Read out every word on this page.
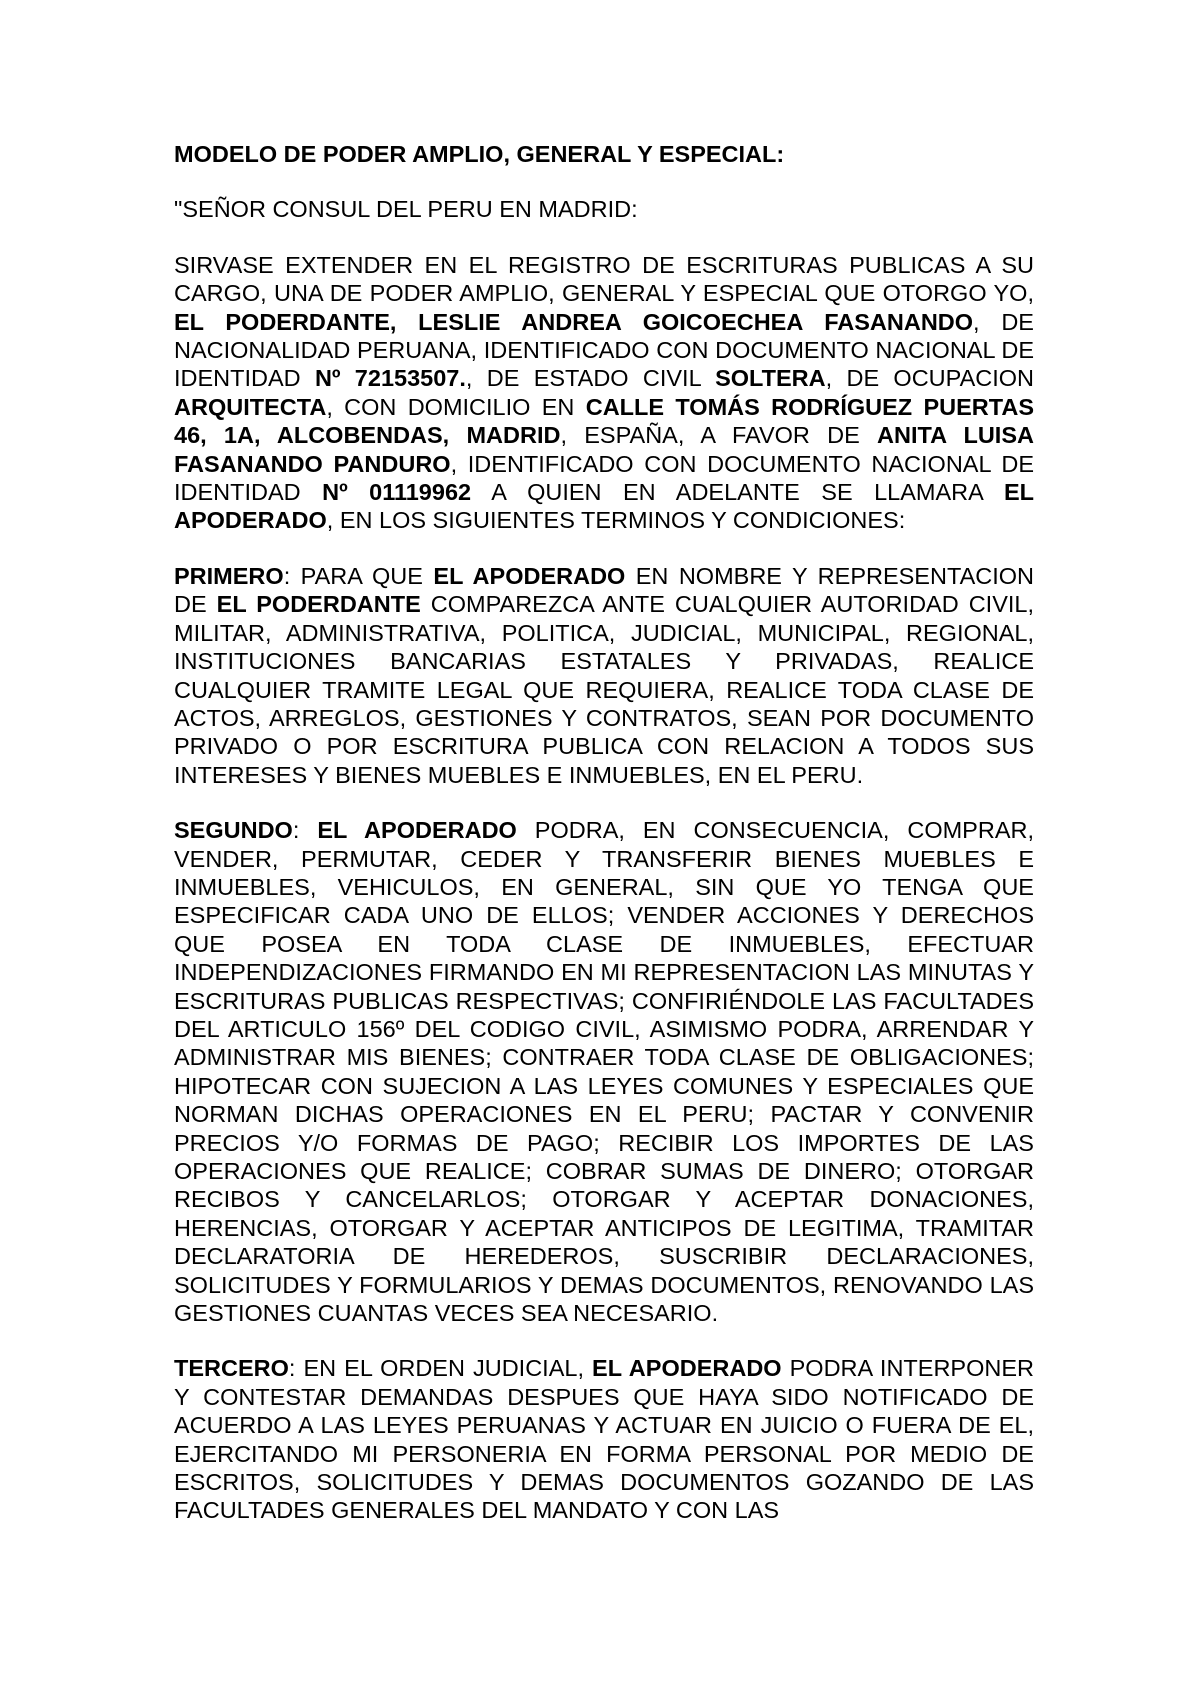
MODELO DE PODER AMPLIO, GENERAL Y ESPECIAL:

"SEÑOR CONSUL DEL PERU EN MADRID:

SIRVASE EXTENDER EN EL REGISTRO DE ESCRITURAS PUBLICAS A SU CARGO, UNA DE PODER AMPLIO, GENERAL Y ESPECIAL QUE OTORGO YO, EL PODERDANTE, LESLIE ANDREA GOICOECHEA FASANANDO, DE NACIONALIDAD PERUANA, IDENTIFICADO CON DOCUMENTO NACIONAL DE IDENTIDAD Nº 72153507., DE ESTADO CIVIL SOLTERA, DE OCUPACION ARQUITECTA, CON DOMICILIO EN CALLE TOMÁS RODRÍGUEZ PUERTAS 46, 1A, ALCOBENDAS, MADRID, ESPAÑA, A FAVOR DE ANITA LUISA FASANANDO PANDURO, IDENTIFICADO CON DOCUMENTO NACIONAL DE IDENTIDAD Nº 01119962 A QUIEN EN ADELANTE SE LLAMARA EL APODERADO, EN LOS SIGUIENTES TERMINOS Y CONDICIONES:

PRIMERO: PARA QUE EL APODERADO EN NOMBRE Y REPRESENTACION DE EL PODERDANTE COMPAREZCA ANTE CUALQUIER AUTORIDAD CIVIL, MILITAR, ADMINISTRATIVA, POLITICA, JUDICIAL, MUNICIPAL, REGIONAL, INSTITUCIONES BANCARIAS ESTATALES Y PRIVADAS, REALICE CUALQUIER TRAMITE LEGAL QUE REQUIERA, REALICE TODA CLASE DE ACTOS, ARREGLOS, GESTIONES Y CONTRATOS, SEAN POR DOCUMENTO PRIVADO O POR ESCRITURA PUBLICA CON RELACION A TODOS SUS INTERESES Y BIENES MUEBLES E INMUEBLES, EN EL PERU.

SEGUNDO: EL APODERADO PODRA, EN CONSECUENCIA, COMPRAR, VENDER, PERMUTAR, CEDER Y TRANSFERIR BIENES MUEBLES E INMUEBLES, VEHICULOS, EN GENERAL, SIN QUE YO TENGA QUE ESPECIFICAR CADA UNO DE ELLOS; VENDER ACCIONES Y DERECHOS QUE POSEA EN TODA CLASE DE INMUEBLES, EFECTUAR INDEPENDIZACIONES FIRMANDO EN MI REPRESENTACION LAS MINUTAS Y ESCRITURAS PUBLICAS RESPECTIVAS; CONFIRIÉNDOLE LAS FACULTADES DEL ARTICULO 156º DEL CODIGO CIVIL, ASIMISMO PODRA, ARRENDAR Y ADMINISTRAR MIS BIENES; CONTRAER TODA CLASE DE OBLIGACIONES; HIPOTECAR CON SUJECION A LAS LEYES COMUNES Y ESPECIALES QUE NORMAN DICHAS OPERACIONES EN EL PERU; PACTAR Y CONVENIR PRECIOS Y/O FORMAS DE PAGO; RECIBIR LOS IMPORTES DE LAS OPERACIONES QUE REALICE; COBRAR SUMAS DE DINERO; OTORGAR RECIBOS Y CANCELARLOS; OTORGAR Y ACEPTAR DONACIONES, HERENCIAS, OTORGAR Y ACEPTAR ANTICIPOS DE LEGITIMA, TRAMITAR DECLARATORIA DE HEREDEROS, SUSCRIBIR DECLARACIONES, SOLICITUDES Y FORMULARIOS Y DEMAS DOCUMENTOS, RENOVANDO LAS GESTIONES CUANTAS VECES SEA NECESARIO.

TERCERO: EN EL ORDEN JUDICIAL, EL APODERADO PODRA INTERPONER Y CONTESTAR DEMANDAS DESPUES QUE HAYA SIDO NOTIFICADO DE ACUERDO A LAS LEYES PERUANAS Y ACTUAR EN JUICIO O FUERA DE EL, EJERCITANDO MI PERSONERIA EN FORMA PERSONAL POR MEDIO DE ESCRITOS, SOLICITUDES Y DEMAS DOCUMENTOS GOZANDO DE LAS FACULTADES GENERALES DEL MANDATO Y CON LAS
